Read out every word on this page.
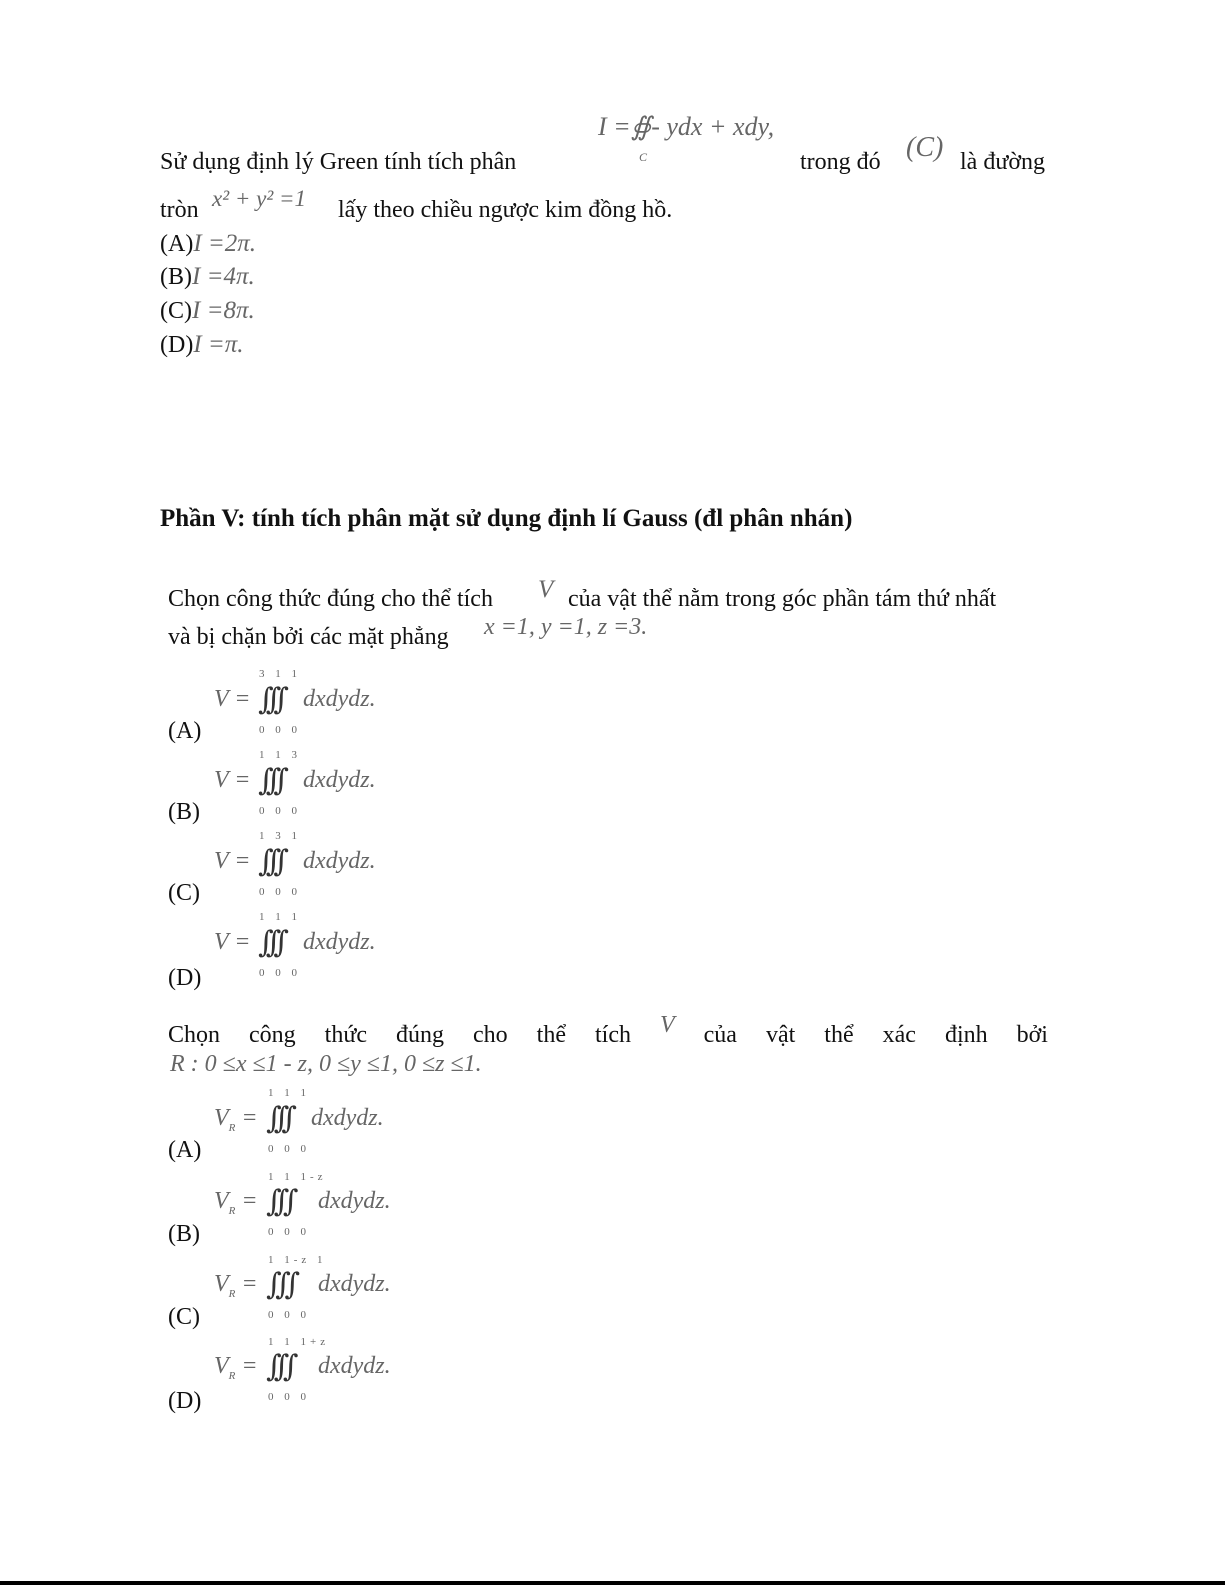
I =∯- ydx + xdy,
C
Sử dụng định lý Green tính tích phân	trong đó (C) là đường
tròn x² + y² =1 lấy theo chiều ngược kim đồng hồ.
(A)I =2π.
(B)I =4π.
(C)I =8π.
(D)I =π.
Phần V: tính tích phân mặt sử dụng định lí Gauss (đl phân nhán)
Chọn công thức đúng cho thể tích V của vật thể nằm trong góc phần tám thứ nhất
và bị chặn bởi các mặt phẳng x =1, y =1, z =3.
(A)
3 1 1
V = ∫∫∫ dxdydz.
0 0 0
(B)
1 1 3
V = ∫∫∫ dxdydz.
0 0 0
(C)
1 3 1
V = ∫∫∫ dxdydz.
0 0 0
(D)
1 1 1
V = ∫∫∫ dxdydz.
0 0 0
Chọn công thức đúng cho thể tích V của vật thể xác định bởi
R : 0 ≤x ≤1 - z, 0 ≤y ≤1, 0 ≤z ≤1.
(A)
1 1 1
$V_R$ = ∫∫∫ dxdydz.
0 0 0
(B)
1 1 1-z
$V_R$ = ∫∫ ∫ dxdydz.
0 0 0
(C)
1 1-z 1
$V_R$ = ∫ ∫ ∫ dxdydz.
0 0 0
(D)
1 1 1+z
$V_R$ = ∫∫ ∫ dxdydz.
0 0 0
